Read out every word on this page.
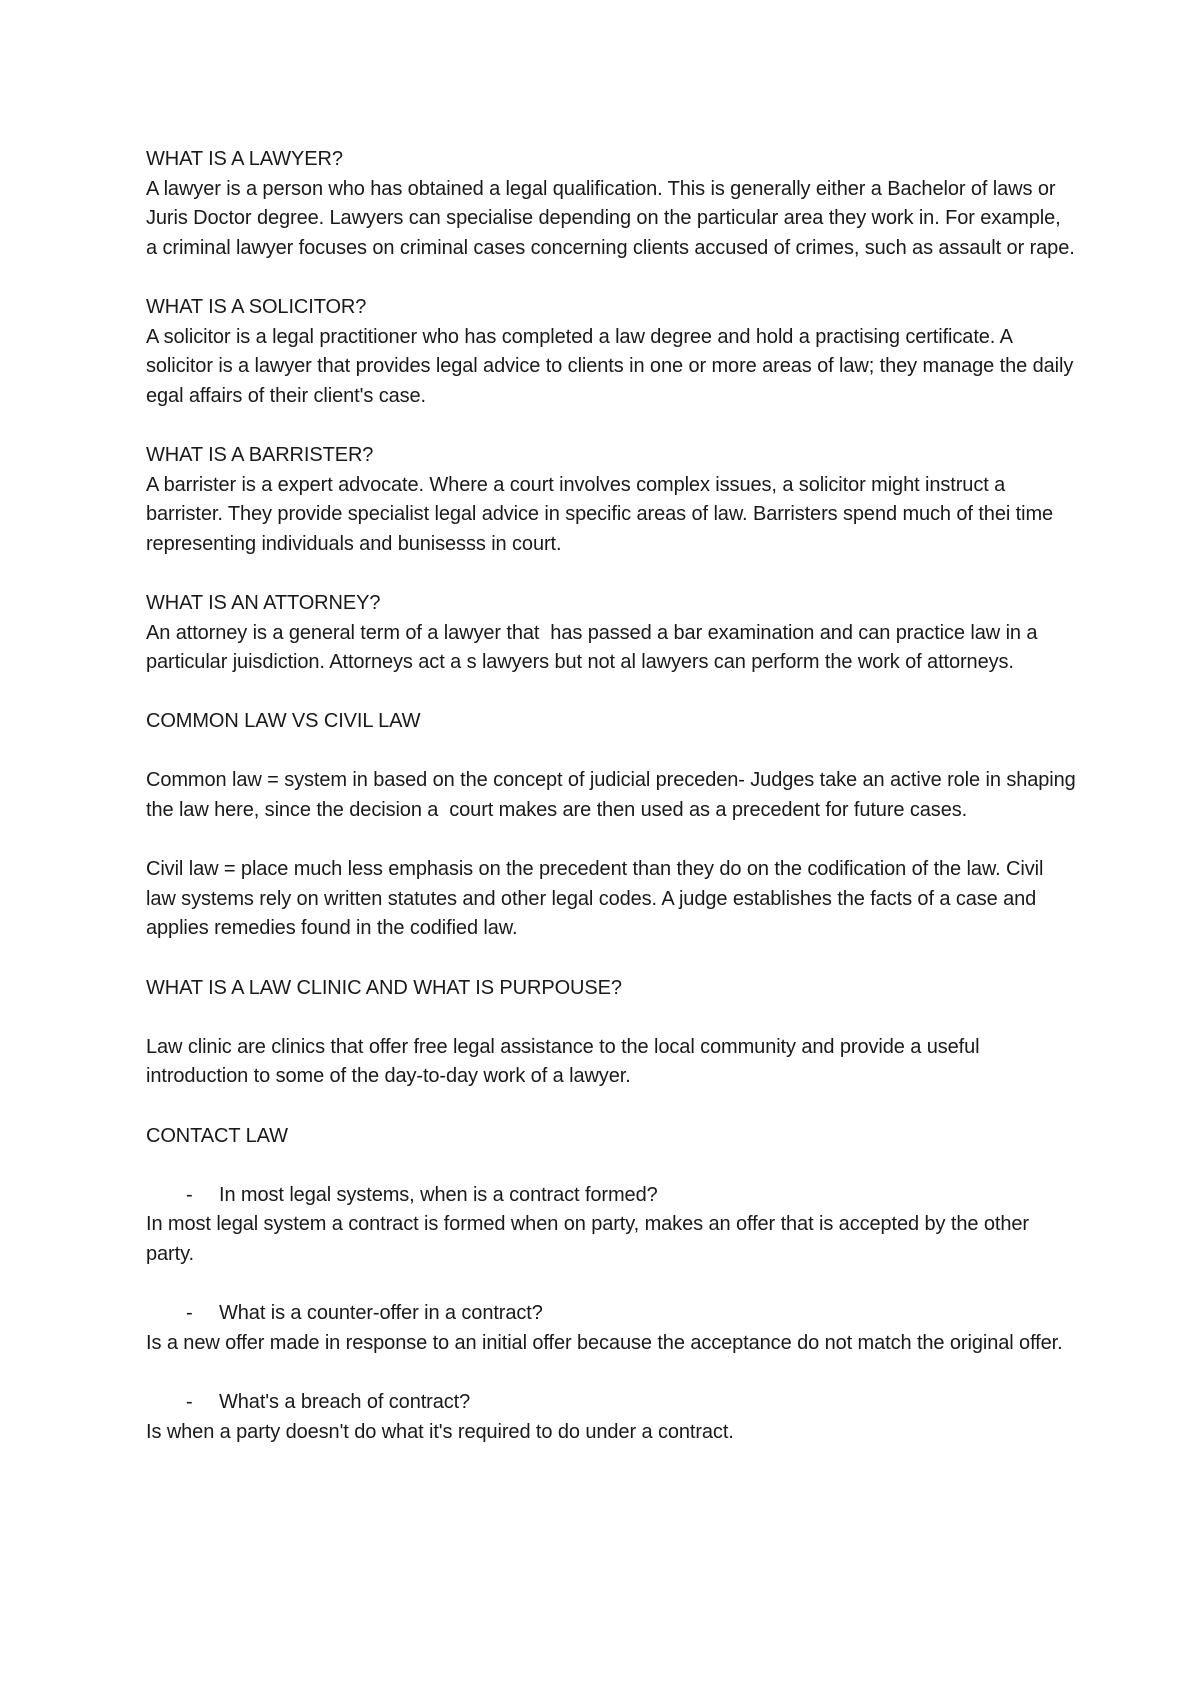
WHAT IS A LAWYER?

A lawyer is a person who has obtained a legal qualification. This is generally either a Bachelor of laws or Juris Doctor degree. Lawyers can specialise depending on the particular area they work in. For example, a criminal lawyer focuses on criminal cases concerning clients accused of crimes, such as assault or rape.

WHAT IS A SOLICITOR?

A solicitor is a legal practitioner who has completed a law degree and hold a practising certificate. A solicitor is a lawyer that provides legal advice to clients in one or more areas of law; they manage the daily egal affairs of their client's case.

WHAT IS A BARRISTER?

A barrister is a expert advocate. Where a court involves complex issues, a solicitor might instruct a barrister. They provide specialist legal advice in specific areas of law. Barristers spend much of thei time representing individuals and bunisesss in court.

WHAT IS AN ATTORNEY?

An attorney is a general term of a lawyer that  has passed a bar examination and can practice law in a particular juisdiction. Attorneys act a s lawyers but not al lawyers can perform the work of attorneys.

COMMON LAW VS CIVIL LAW

Common law = system in based on the concept of judicial preceden- Judges take an active role in shaping the law here, since the decision a  court makes are then used as a precedent for future cases.

Civil law = place much less emphasis on the precedent than they do on the codification of the law. Civil law systems rely on written statutes and other legal codes. A judge establishes the facts of a case and applies remedies found in the codified law.

WHAT IS A LAW CLINIC AND WHAT IS PURPOUSE?

Law clinic are clinics that offer free legal assistance to the local community and provide a useful introduction to some of the day-to-day work of a lawyer.

CONTACT LAW

- In most legal systems, when is a contract formed?

In most legal system a contract is formed when on party, makes an offer that is accepted by the other party.

- What is a counter-offer in a contract?

Is a new offer made in response to an initial offer because the acceptance do not match the original offer.

- What's a breach of contract?

Is when a party doesn't do what it's required to do under a contract.
